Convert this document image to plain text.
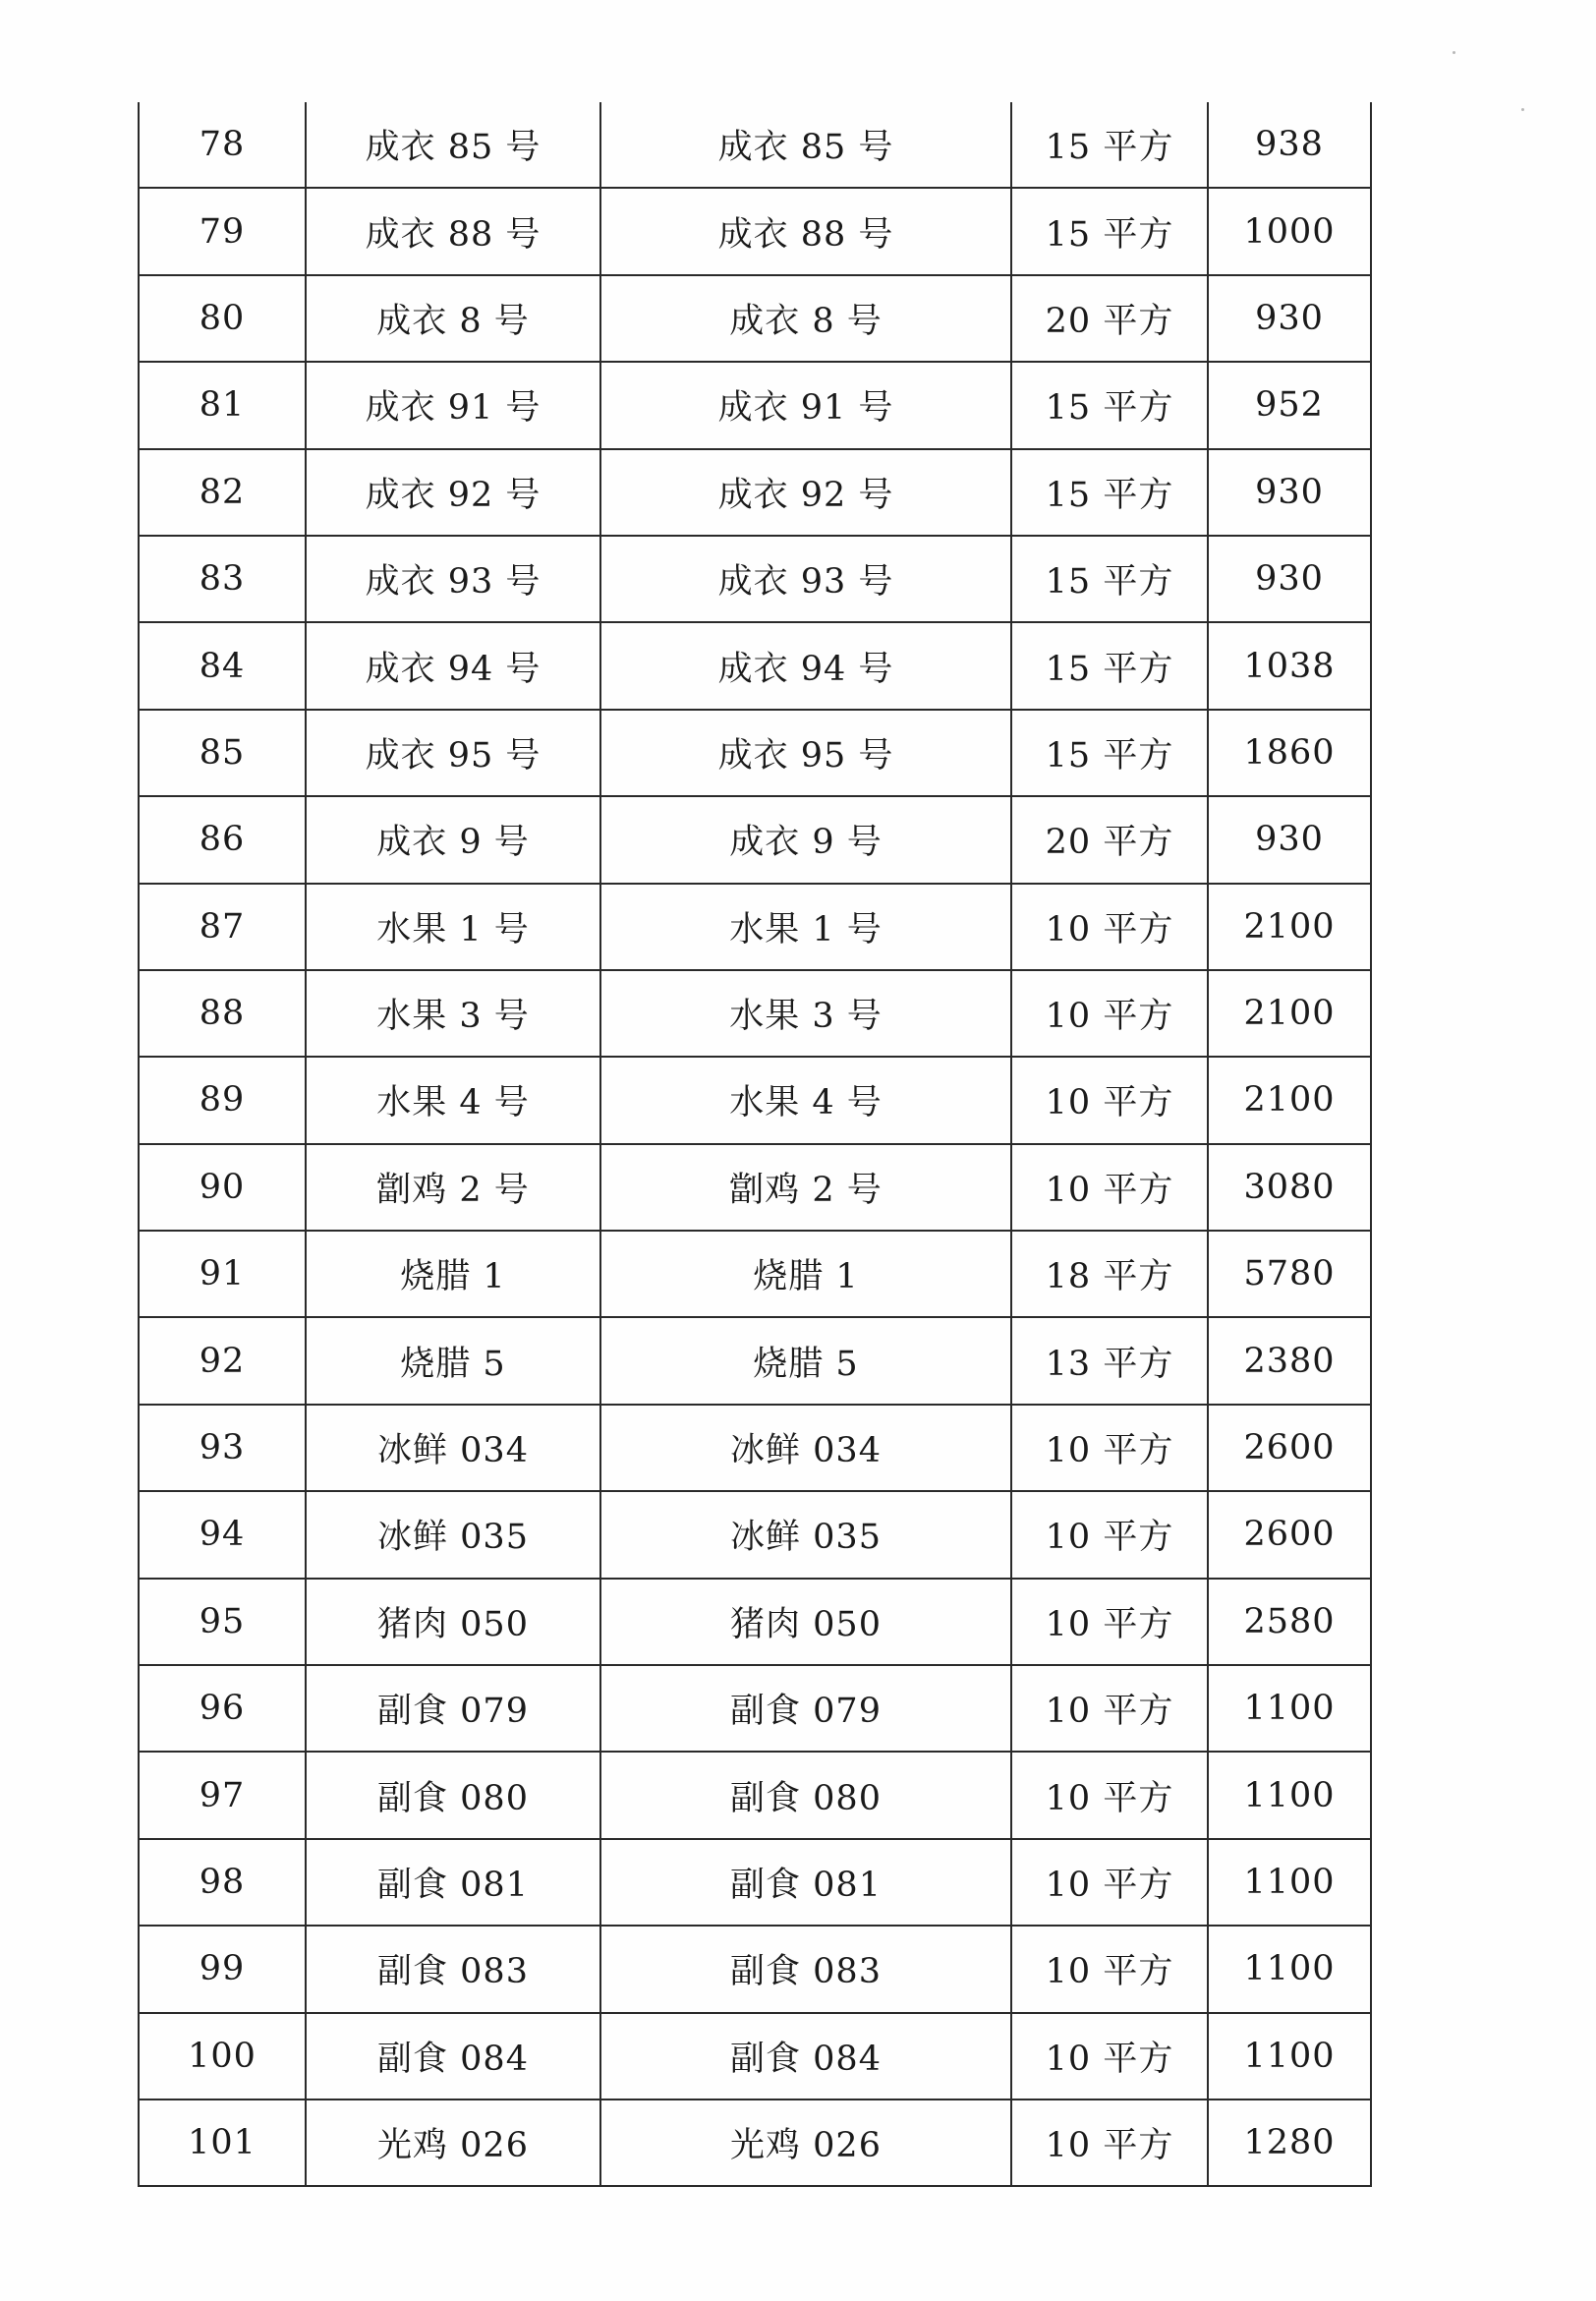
78	成衣 85 号	成衣 85 号	15 平方	938
79	成衣 88 号	成衣 88 号	15 平方	1000
80	成衣 8 号	成衣 8 号	20 平方	930
81	成衣 91 号	成衣 91 号	15 平方	952
82	成衣 92 号	成衣 92 号	15 平方	930
83	成衣 93 号	成衣 93 号	15 平方	930
84	成衣 94 号	成衣 94 号	15 平方	1038
85	成衣 95 号	成衣 95 号	15 平方	1860
86	成衣 9 号	成衣 9 号	20 平方	930
87	水果 1 号	水果 1 号	10 平方	2100
88	水果 3 号	水果 3 号	10 平方	2100
89	水果 4 号	水果 4 号	10 平方	2100
90	劏鸡 2 号	劏鸡 2 号	10 平方	3080
91	烧腊 1	烧腊 1	18 平方	5780
92	烧腊 5	烧腊 5	13 平方	2380
93	冰鲜 034	冰鲜 034	10 平方	2600
94	冰鲜 035	冰鲜 035	10 平方	2600
95	猪肉 050	猪肉 050	10 平方	2580
96	副食 079	副食 079	10 平方	1100
97	副食 080	副食 080	10 平方	1100
98	副食 081	副食 081	10 平方	1100
99	副食 083	副食 083	10 平方	1100
100	副食 084	副食 084	10 平方	1100
101	光鸡 026	光鸡 026	10 平方	1280
